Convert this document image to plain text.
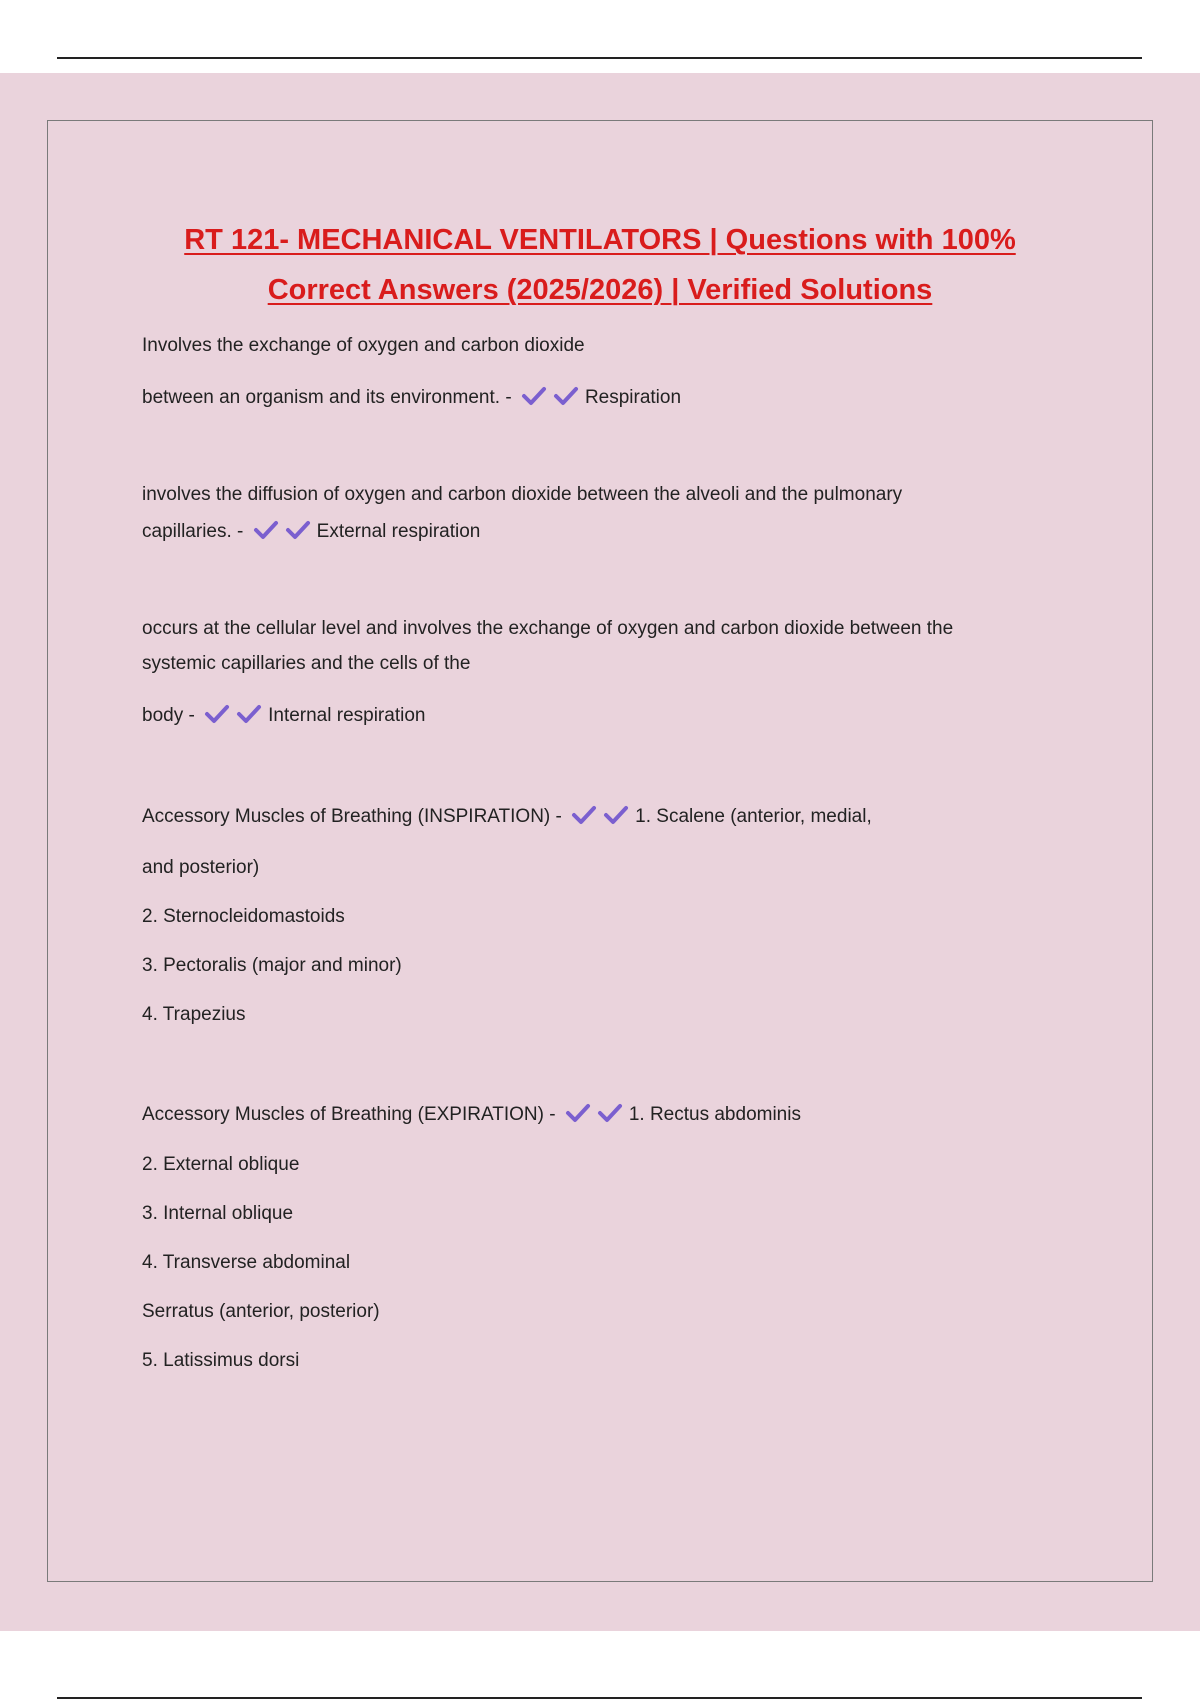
RT 121- MECHANICAL VENTILATORS | Questions with 100%
Correct Answers (2025/2026) | Verified Solutions
Involves the exchange of oxygen and carbon dioxide
between an organism and its environment. -	Respiration
involves the diffusion of oxygen and carbon dioxide between the alveoli and the pulmonary
capillaries. -	External respiration
occurs at the cellular level and involves the exchange of oxygen and carbon dioxide between the
systemic capillaries and the cells of the
body -	Internal respiration
Accessory Muscles of Breathing (INSPIRATION) -	1. Scalene (anterior, medial,
and posterior)
2. Sternocleidomastoids
3. Pectoralis (major and minor)
4. Trapezius
Accessory Muscles of Breathing (EXPIRATION) -	1. Rectus abdominis
2. External oblique
3. Internal oblique
4. Transverse abdominal
Serratus (anterior, posterior)
5. Latissimus dorsi
